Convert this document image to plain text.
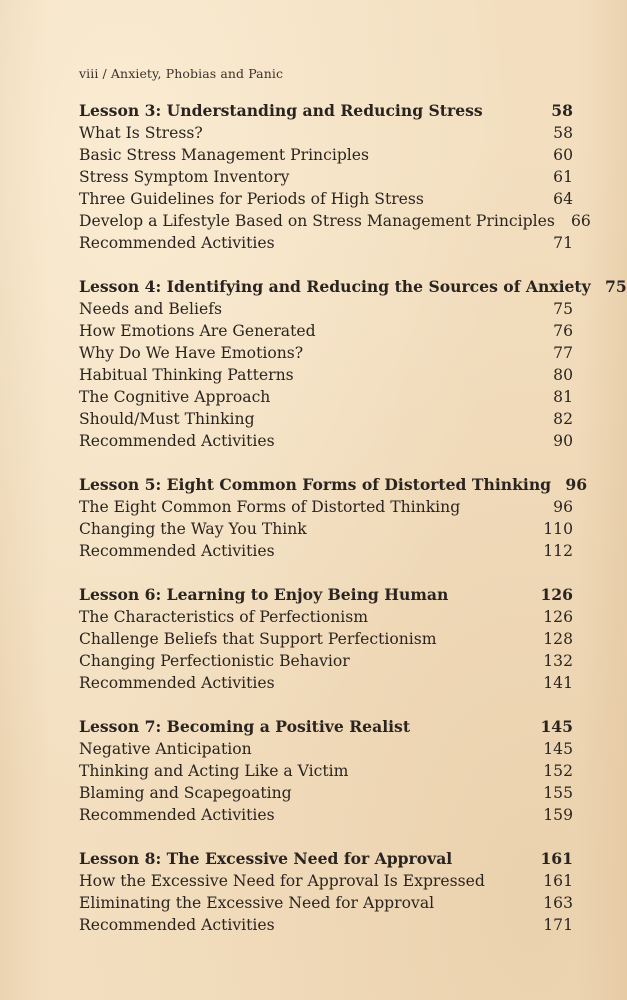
viii / Anxiety, Phobias and Panic
Lesson 3: Understanding and Reducing Stress	58
What Is Stress?	58
Basic Stress Management Principles	60
Stress Symptom Inventory	61
Three Guidelines for Periods of High Stress	64
Develop a Lifestyle Based on Stress Management Principles	66
Recommended Activities	71
Lesson 4: Identifying and Reducing the Sources of Anxiety 75
Needs and Beliefs	75
How Emotions Are Generated	76
Why Do We Have Emotions?	77
Habitual Thinking Patterns	80
The Cognitive Approach	81
Should/Must Thinking	82
Recommended Activities	90
Lesson 5: Eight Common Forms of Distorted Thinking 96
The Eight Common Forms of Distorted Thinking	96
Changing the Way You Think	110
Recommended Activities	112
Lesson 6: Learning to Enjoy Being Human	126
The Characteristics of Perfectionism	126
Challenge Beliefs that Support Perfectionism	128
Changing Perfectionistic Behavior	132
Recommended Activities	141
Lesson 7: Becoming a Positive Realist	145
Negative Anticipation	145
Thinking and Acting Like a Victim	152
Blaming and Scapegoating	155
Recommended Activities	159
Lesson 8: The Excessive Need for Approval	161
How the Excessive Need for Approval Is Expressed	161
Eliminating the Excessive Need for Approval	163
Recommended Activities	171
